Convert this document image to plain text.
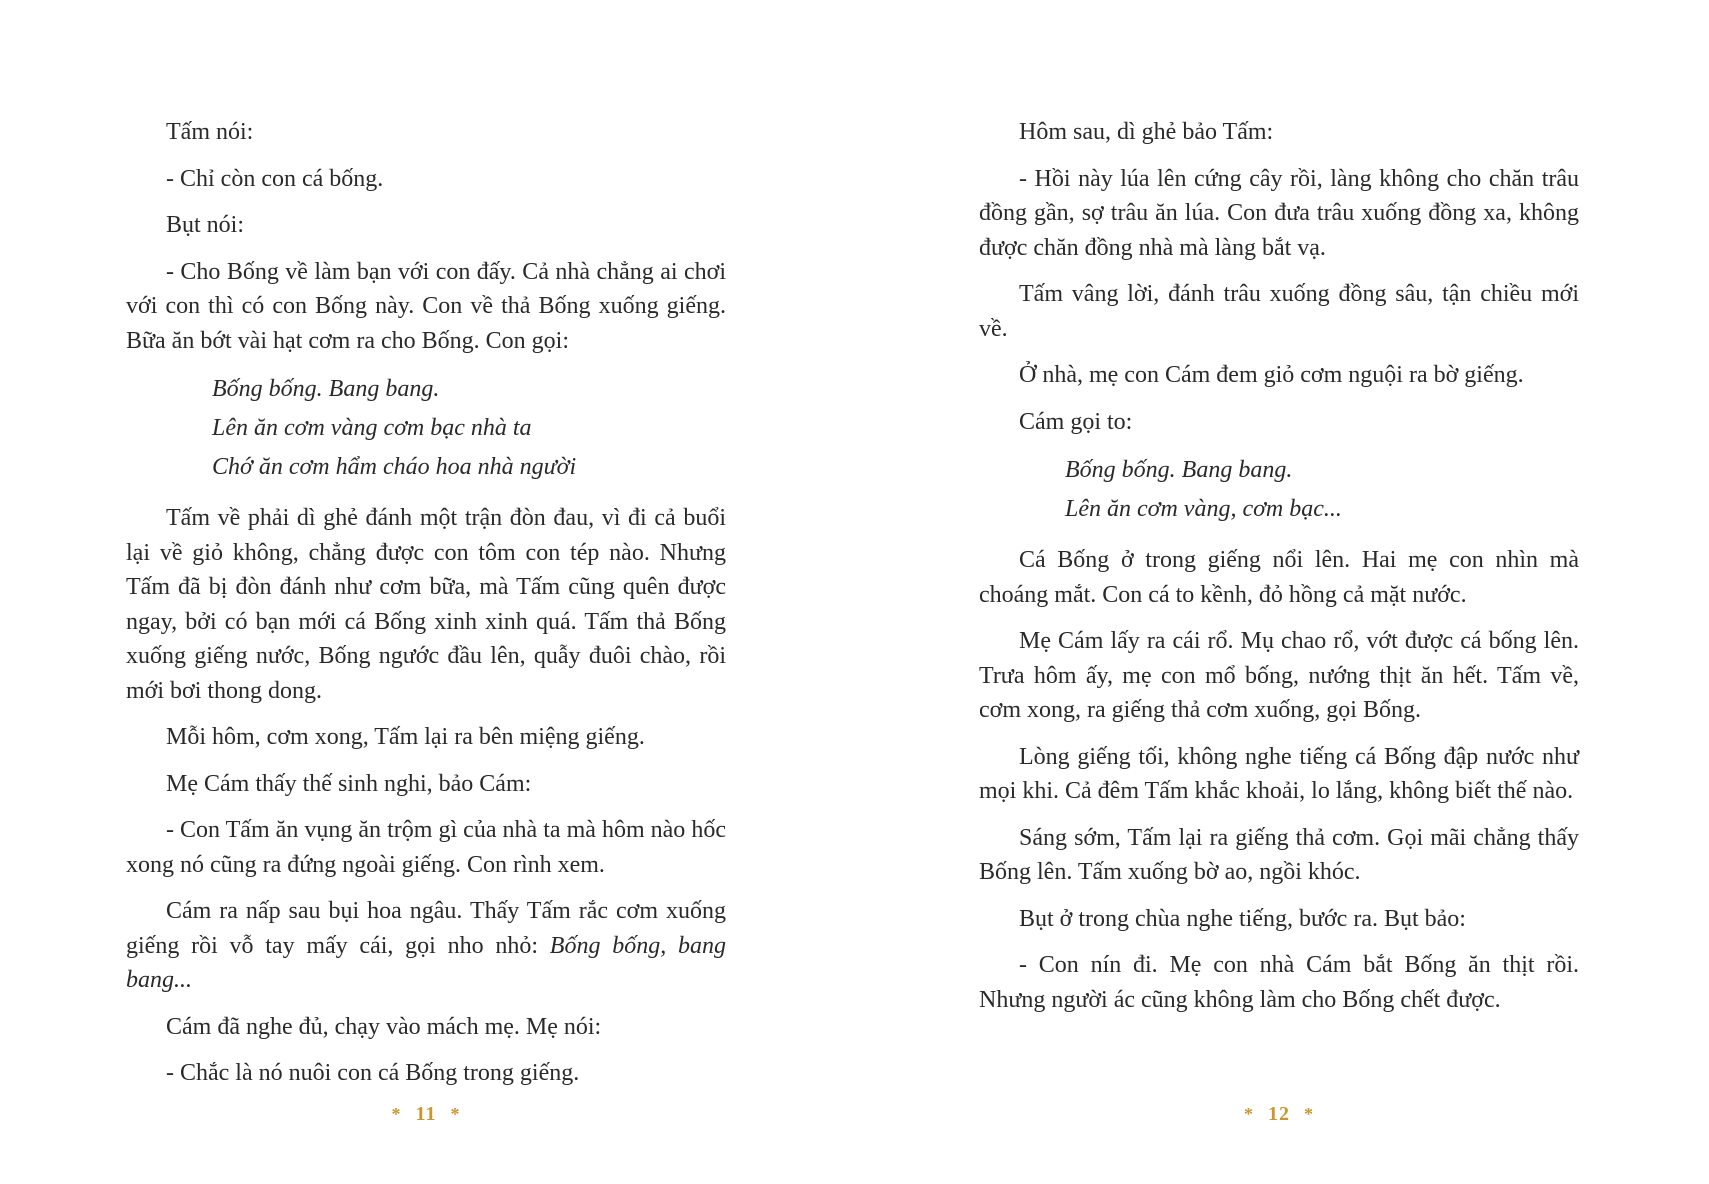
Tấm nói:

- Chỉ còn con cá bống.

Bụt nói:

- Cho Bống về làm bạn với con đấy. Cả nhà chẳng ai chơi với con thì có con Bống này. Con về thả Bống xuống giếng. Bữa ăn bớt vài hạt cơm ra cho Bống. Con gọi:

Bống bống. Bang bang.
Lên ăn cơm vàng cơm bạc nhà ta
Chớ ăn cơm hẩm cháo hoa nhà người

Tấm về phải dì ghẻ đánh một trận đòn đau, vì đi cả buổi lại về giỏ không, chẳng được con tôm con tép nào. Nhưng Tấm đã bị đòn đánh như cơm bữa, mà Tấm cũng quên được ngay, bởi có bạn mới cá Bống xinh xinh quá. Tấm thả Bống xuống giếng nước, Bống ngước đầu lên, quẫy đuôi chào, rồi mới bơi thong dong.

Mỗi hôm, cơm xong, Tấm lại ra bên miệng giếng.

Mẹ Cám thấy thế sinh nghi, bảo Cám:

- Con Tấm ăn vụng ăn trộm gì của nhà ta mà hôm nào hốc xong nó cũng ra đứng ngoài giếng. Con rình xem.

Cám ra nấp sau bụi hoa ngâu. Thấy Tấm rắc cơm xuống giếng rồi vỗ tay mấy cái, gọi nho nhỏ: Bống bống, bang bang...

Cám đã nghe đủ, chạy vào mách mẹ. Mẹ nói:

- Chắc là nó nuôi con cá Bống trong giếng.

* 11 *

Hôm sau, dì ghẻ bảo Tấm:

- Hồi này lúa lên cứng cây rồi, làng không cho chăn trâu đồng gần, sợ trâu ăn lúa. Con đưa trâu xuống đồng xa, không được chăn đồng nhà mà làng bắt vạ.

Tấm vâng lời, đánh trâu xuống đồng sâu, tận chiều mới về.

Ở nhà, mẹ con Cám đem giỏ cơm nguội ra bờ giếng.

Cám gọi to:

Bống bống. Bang bang.
Lên ăn cơm vàng, cơm bạc...

Cá Bống ở trong giếng nổi lên. Hai mẹ con nhìn mà choáng mắt. Con cá to kềnh, đỏ hồng cả mặt nước.

Mẹ Cám lấy ra cái rổ. Mụ chao rổ, vớt được cá bống lên. Trưa hôm ấy, mẹ con mổ bống, nướng thịt ăn hết. Tấm về, cơm xong, ra giếng thả cơm xuống, gọi Bống.

Lòng giếng tối, không nghe tiếng cá Bống đập nước như mọi khi. Cả đêm Tấm khắc khoải, lo lắng, không biết thế nào.

Sáng sớm, Tấm lại ra giếng thả cơm. Gọi mãi chẳng thấy Bống lên. Tấm xuống bờ ao, ngồi khóc.

Bụt ở trong chùa nghe tiếng, bước ra. Bụt bảo:

- Con nín đi. Mẹ con nhà Cám bắt Bống ăn thịt rồi. Nhưng người ác cũng không làm cho Bống chết được.

* 12 *
